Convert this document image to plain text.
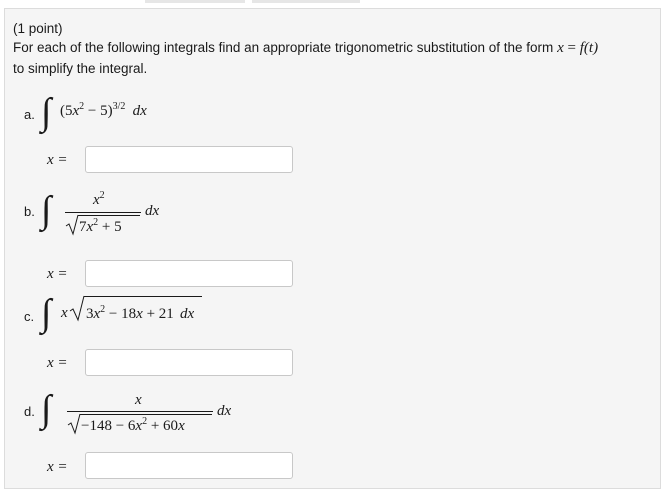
(1 point)
For each of the following integrals find an appropriate trigonometric substitution of the form x = f(t)
to simplify the integral.
a. ∫ $(5x^2 - 5)^{3/2}$ dx
x =
b. ∫	$x^2$
$7x^2 + 5$
dx
x =
c. ∫ x $3x^2 - 18x + 21$ dx
x =
d. ∫	x
$-148 - 6x^2 + 60x$
dx
x =
